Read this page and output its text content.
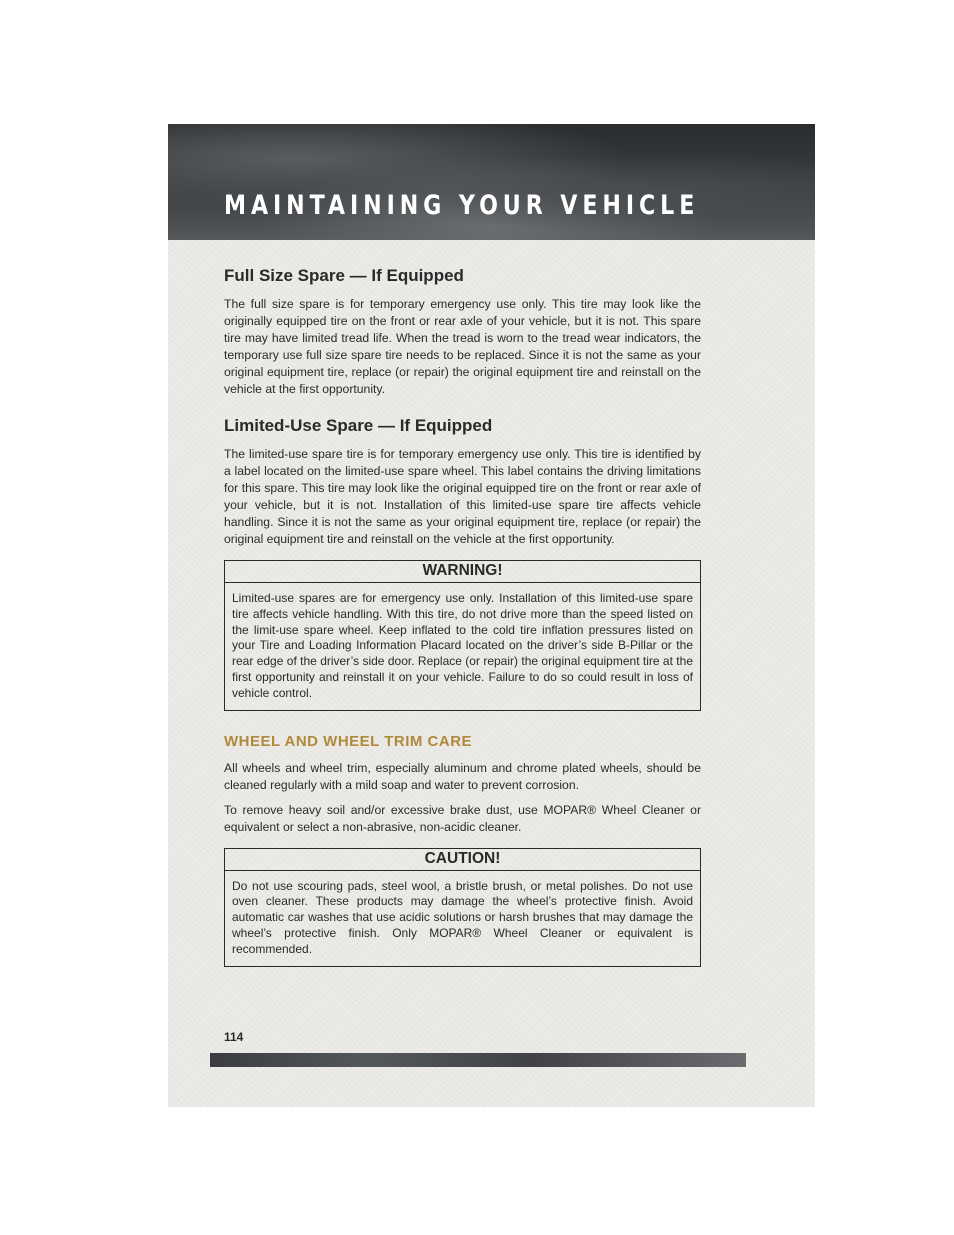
MAINTAINING YOUR VEHICLE
Full Size Spare — If Equipped

The full size spare is for temporary emergency use only. This tire may look like the originally equipped tire on the front or rear axle of your vehicle, but it is not. This spare tire may have limited tread life. When the tread is worn to the tread wear indicators, the temporary use full size spare tire needs to be replaced. Since it is not the same as your original equipment tire, replace (or repair) the original equipment tire and reinstall on the vehicle at the first opportunity.

Limited-Use Spare — If Equipped

The limited-use spare tire is for temporary emergency use only. This tire is identified by a label located on the limited-use spare wheel. This label contains the driving limitations for this spare. This tire may look like the original equipped tire on the front or rear axle of your vehicle, but it is not. Installation of this limited-use spare tire affects vehicle handling. Since it is not the same as your original equipment tire, replace (or repair) the original equipment tire and reinstall on the vehicle at the first opportunity.

WARNING!
Limited-use spares are for emergency use only. Installation of this limited-use spare tire affects vehicle handling. With this tire, do not drive more than the speed listed on the limit-use spare wheel. Keep inflated to the cold tire inflation pressures listed on your Tire and Loading Information Placard located on the driver’s side B-Pillar or the rear edge of the driver’s side door. Replace (or repair) the original equipment tire at the first opportunity and reinstall it on your vehicle. Failure to do so could result in loss of vehicle control.
WHEEL AND WHEEL TRIM CARE

All wheels and wheel trim, especially aluminum and chrome plated wheels, should be cleaned regularly with a mild soap and water to prevent corrosion.

To remove heavy soil and/or excessive brake dust, use MOPAR® Wheel Cleaner or equivalent or select a non-abrasive, non-acidic cleaner.

CAUTION!
Do not use scouring pads, steel wool, a bristle brush, or metal polishes. Do not use oven cleaner. These products may damage the wheel’s protective finish. Avoid automatic car washes that use acidic solutions or harsh brushes that may damage the wheel’s protective finish. Only MOPAR® Wheel Cleaner or equivalent is recommended.
114
